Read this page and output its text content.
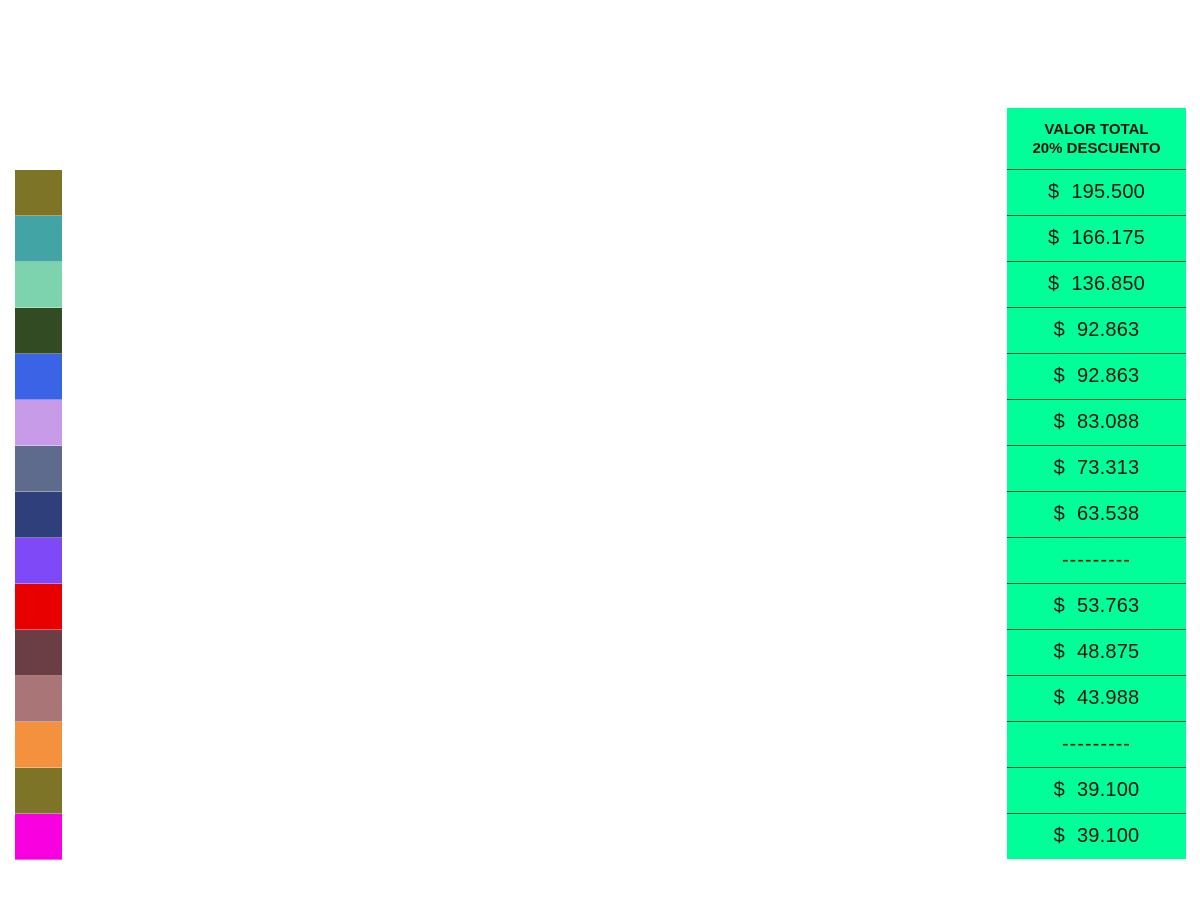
VALOR TOTAL
20% DESCUENTO
$ 195.500
$ 166.175
$ 136.850
$ 92.863
$ 92.863
$ 83.088
$ 73.313
$ 63.538
---------
$ 53.763
$ 48.875
$ 43.988
---------
$ 39.100
$ 39.100
